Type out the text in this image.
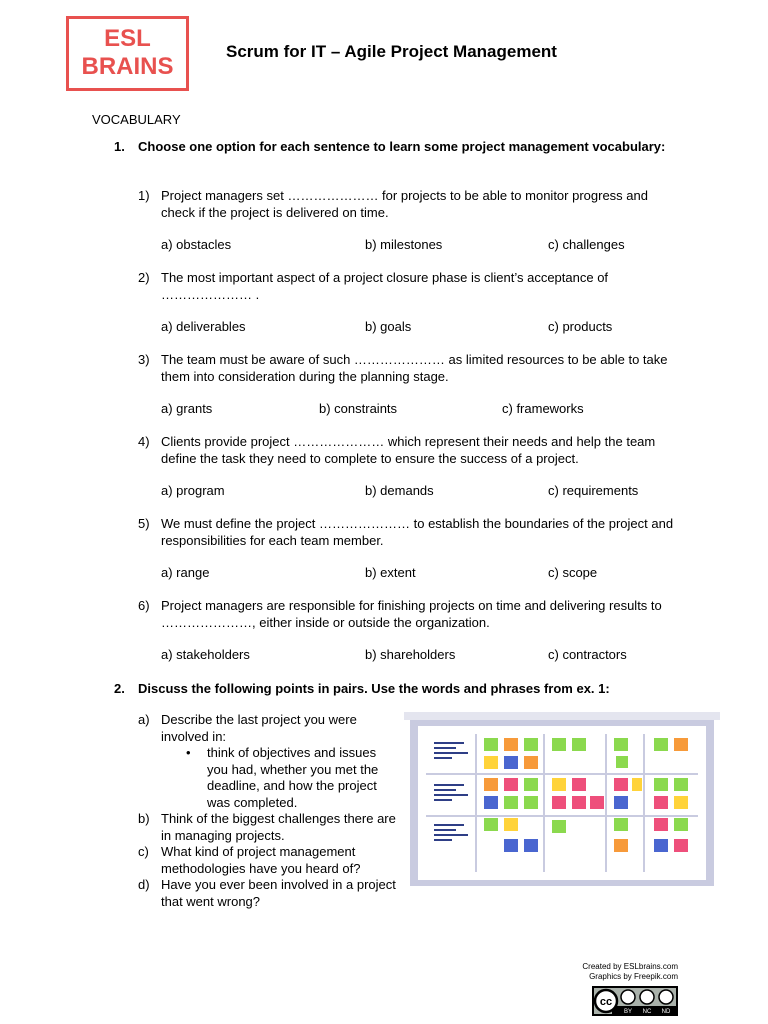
ESL
BRAINS
Scrum for IT – Agile Project Management
VOCABULARY
1. Choose one option for each sentence to learn some project management vocabulary:
1) Project managers set ………………… for projects to be able to monitor progress and check if the project is delivered on time.
a) obstacles	b) milestones	c) challenges
2) The most important aspect of a project closure phase is client’s acceptance of ………………… .
a) deliverables	b) goals	c) products
3) The team must be aware of such ………………… as limited resources to be able to take them into consideration during the planning stage.
a) grants	b) constraints	c) frameworks
4) Clients provide project ………………… which represent their needs and help the team define the task they need to complete to ensure the success of a project.
a) program	b) demands	c) requirements
5) We must define the project ………………… to establish the boundaries of the project and responsibilities for each team member.
a) range	b) extent	c) scope
6) Project managers are responsible for finishing projects on time and delivering results to …………………, either inside or outside the organization.
a) stakeholders	b) shareholders	c) contractors
2. Discuss the following points in pairs. Use the words and phrases from ex. 1:
a) Describe the last project you were involved in:
• think of objectives and issues you had, whether you met the deadline, and how the project was completed.
b) Think of the biggest challenges there are in managing projects.
c) What kind of project management methodologies have you heard of?
d) Have you ever been involved in a project that went wrong?
Created by ESLbrains.com
Graphics by Freepik.com
cc
BY NC ND
